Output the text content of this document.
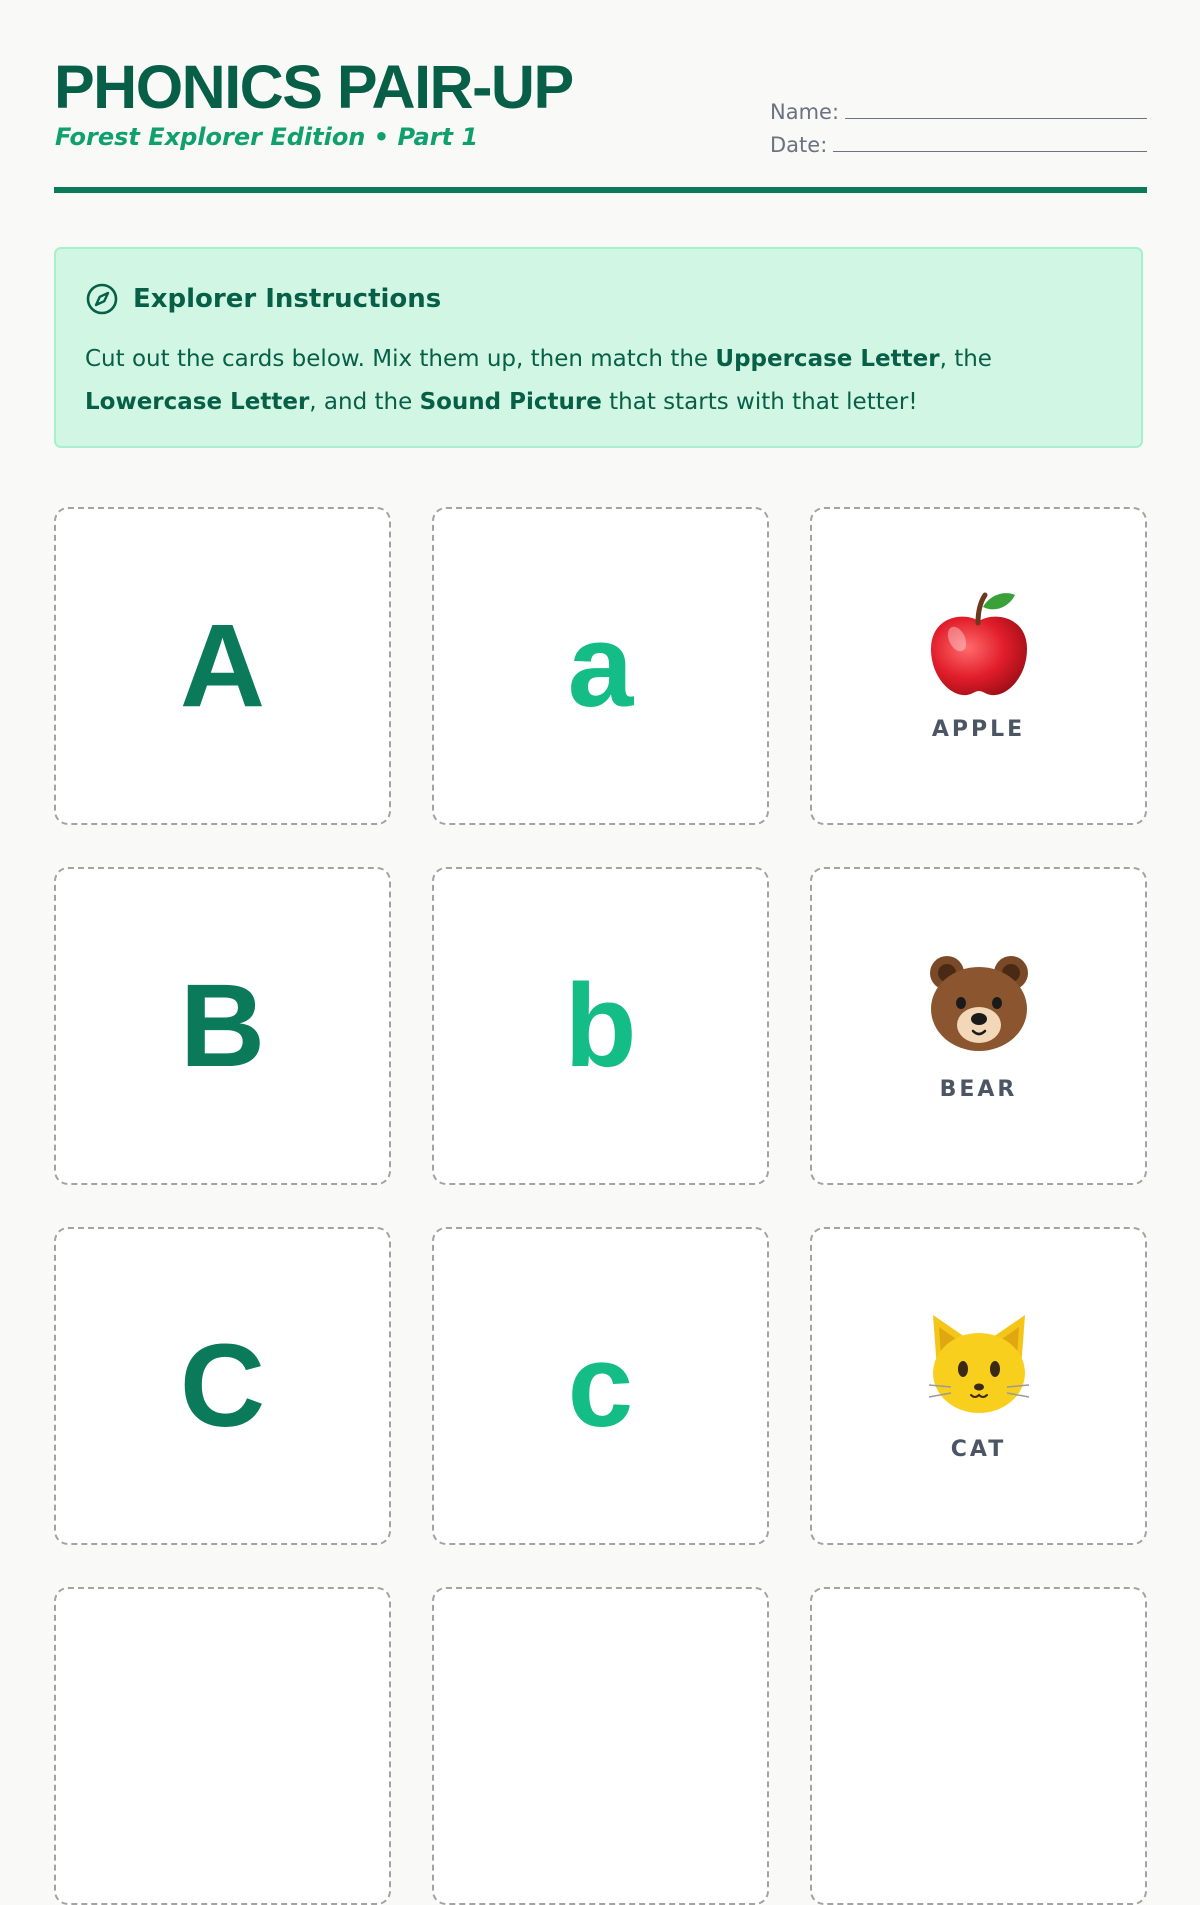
PHONICS PAIR-UP
Forest Explorer Edition • Part 1
Name:
Date:
Explorer Instructions
Cut out the cards below. Mix them up, then match the Uppercase Letter, the Lowercase Letter, and the Sound Picture that starts with that letter!
A	a	APPLE
B	b	BEAR
C	c	CAT
